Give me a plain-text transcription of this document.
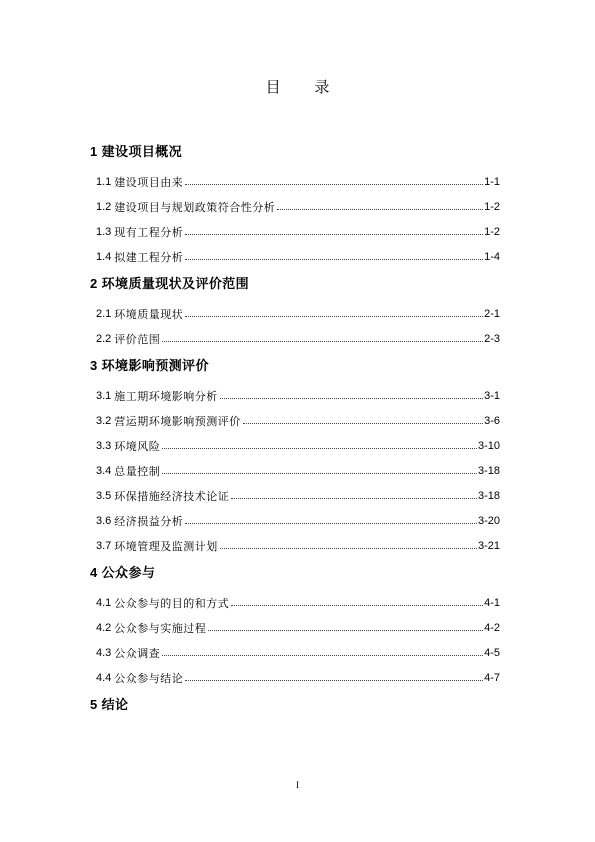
目 录
1 建设项目概况
1.1 建设项目由来	1-1
1.2 建设项目与规划政策符合性分析	1-2
1.3 现有工程分析	1-2
1.4 拟建工程分析	1-4
2 环境质量现状及评价范围
2.1 环境质量现状	2-1
2.2 评价范围	2-3
3 环境影响预测评价
3.1 施工期环境影响分析	3-1
3.2 营运期环境影响预测评价	3-6
3.3 环境风险	3-10
3.4 总量控制	3-18
3.5 环保措施经济技术论证	3-18
3.6 经济损益分析	3-20
3.7 环境管理及监测计划	3-21
4 公众参与
4.1 公众参与的目的和方式	4-1
4.2 公众参与实施过程	4-2
4.3 公众调查	4-5
4.4 公众参与结论	4-7
5 结论
I
